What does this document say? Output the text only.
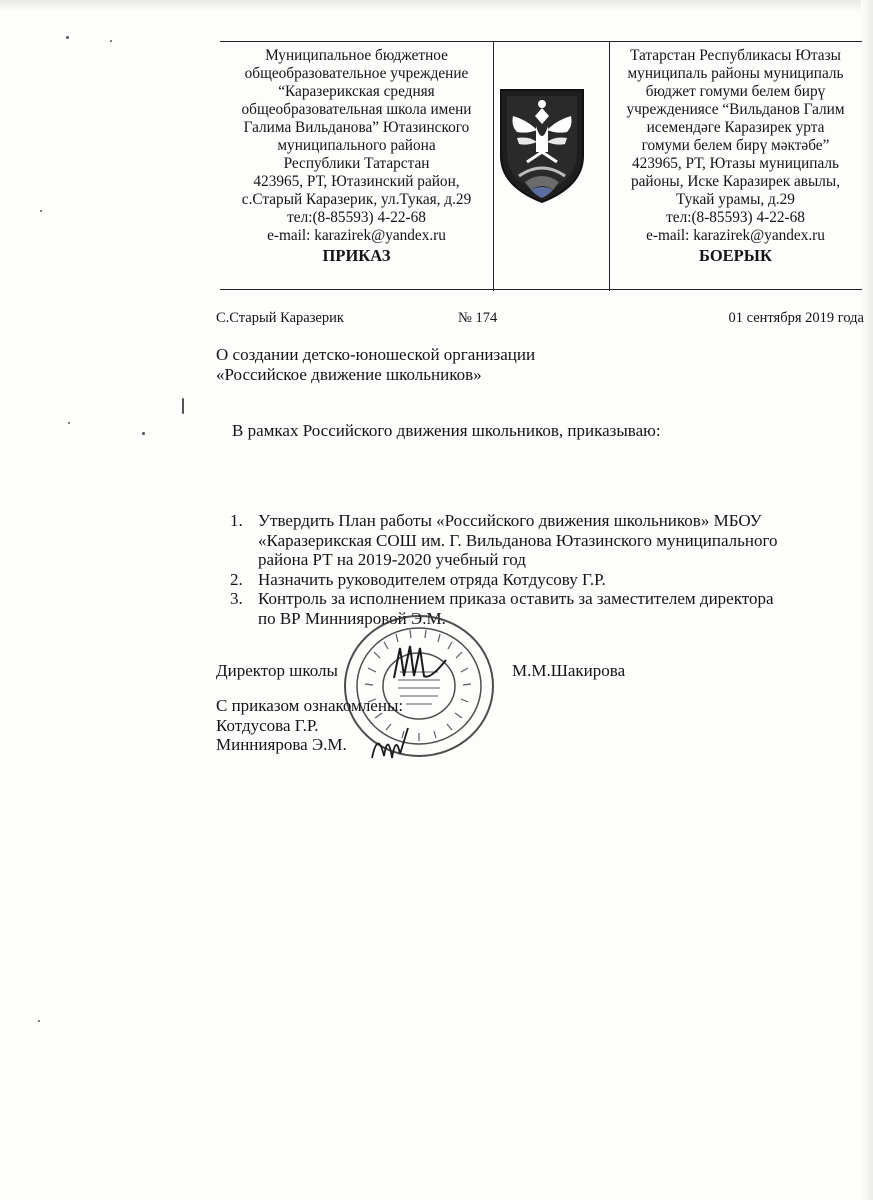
Муниципальное бюджетное
общеобразовательное учреждение
“Каразерикская средняя
общеобразовательная школа имени
Галима Вильданова” Ютазинского
муниципального района
Республики Татарстан
423965, РТ, Ютазинский район,
с.Старый Каразерик, ул.Тукая, д.29
тел:(8-85593) 4-22-68
e-mail: karazirek@yandex.ru
ПРИКАЗ
Татарстан Республикасы Ютазы
муниципаль районы муниципаль
бюджет гомуми белем бирү
учреждениясе “Вильданов Галим
исемендәге Каразирек урта
гомуми белем бирү мәктәбе”
423965, РТ, Ютазы муниципаль
районы, Иске Каразирек авылы,
Тукай урамы, д.29
тел:(8-85593) 4-22-68
e-mail: karazirek@yandex.ru
БОЕРЫК
С.Старый Каразерик	№ 174	01 сентября 2019 года
О создании детско-юношеской организации
«Российское движение школьников»
В рамках Российского движения школьников, приказываю:
1. Утвердить План работы «Российского движения школьников» МБОУ
«Каразерикская СОШ им. Г. Вильданова Ютазинского муниципального
района РТ на 2019-2020 учебный год
2. Назначить руководителем отряда Котдусову Г.Р.
3. Контроль за исполнением приказа оставить за заместителем директора
по ВР Миннияровой Э.М.
Директор школы	М.М.Шакирова
С приказом ознакомлены:
Котдусова Г.Р.
Минниярова Э.М.
